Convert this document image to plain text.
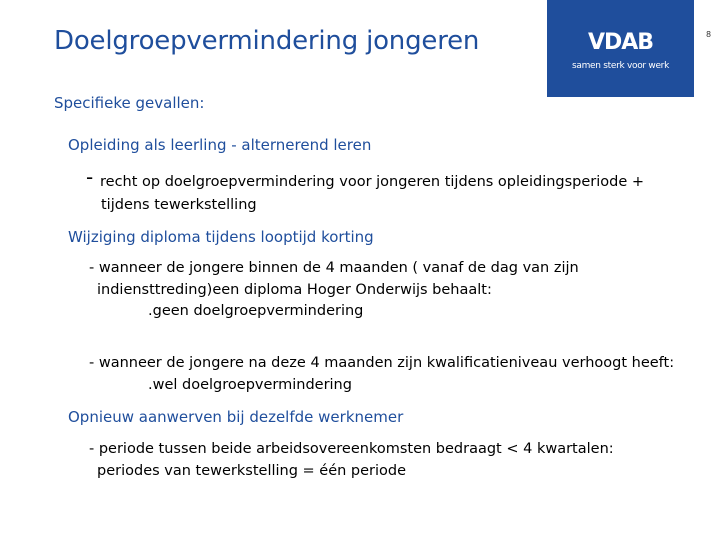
Doelgroepvermindering jongeren	VDAB
samen sterk voor werk
8
Specifieke gevallen:
Opleiding als leerling - alternerend leren
- recht op doelgroepvermindering voor jongeren tijdens opleidingsperiode +
tijdens tewerkstelling
Wijziging diploma tijdens looptijd korting
- wanneer de jongere binnen de 4 maanden ( vanaf de dag van zijn
indiensttreding)een diploma Hoger Onderwijs behaalt:
.geen doelgroepvermindering
- wanneer de jongere na deze 4 maanden zijn kwalificatieniveau verhoogt heeft:
.wel doelgroepvermindering
Opnieuw aanwerven bij dezelfde werknemer
- periode tussen beide arbeidsovereenkomsten bedraagt < 4 kwartalen:
periodes van tewerkstelling = één periode
